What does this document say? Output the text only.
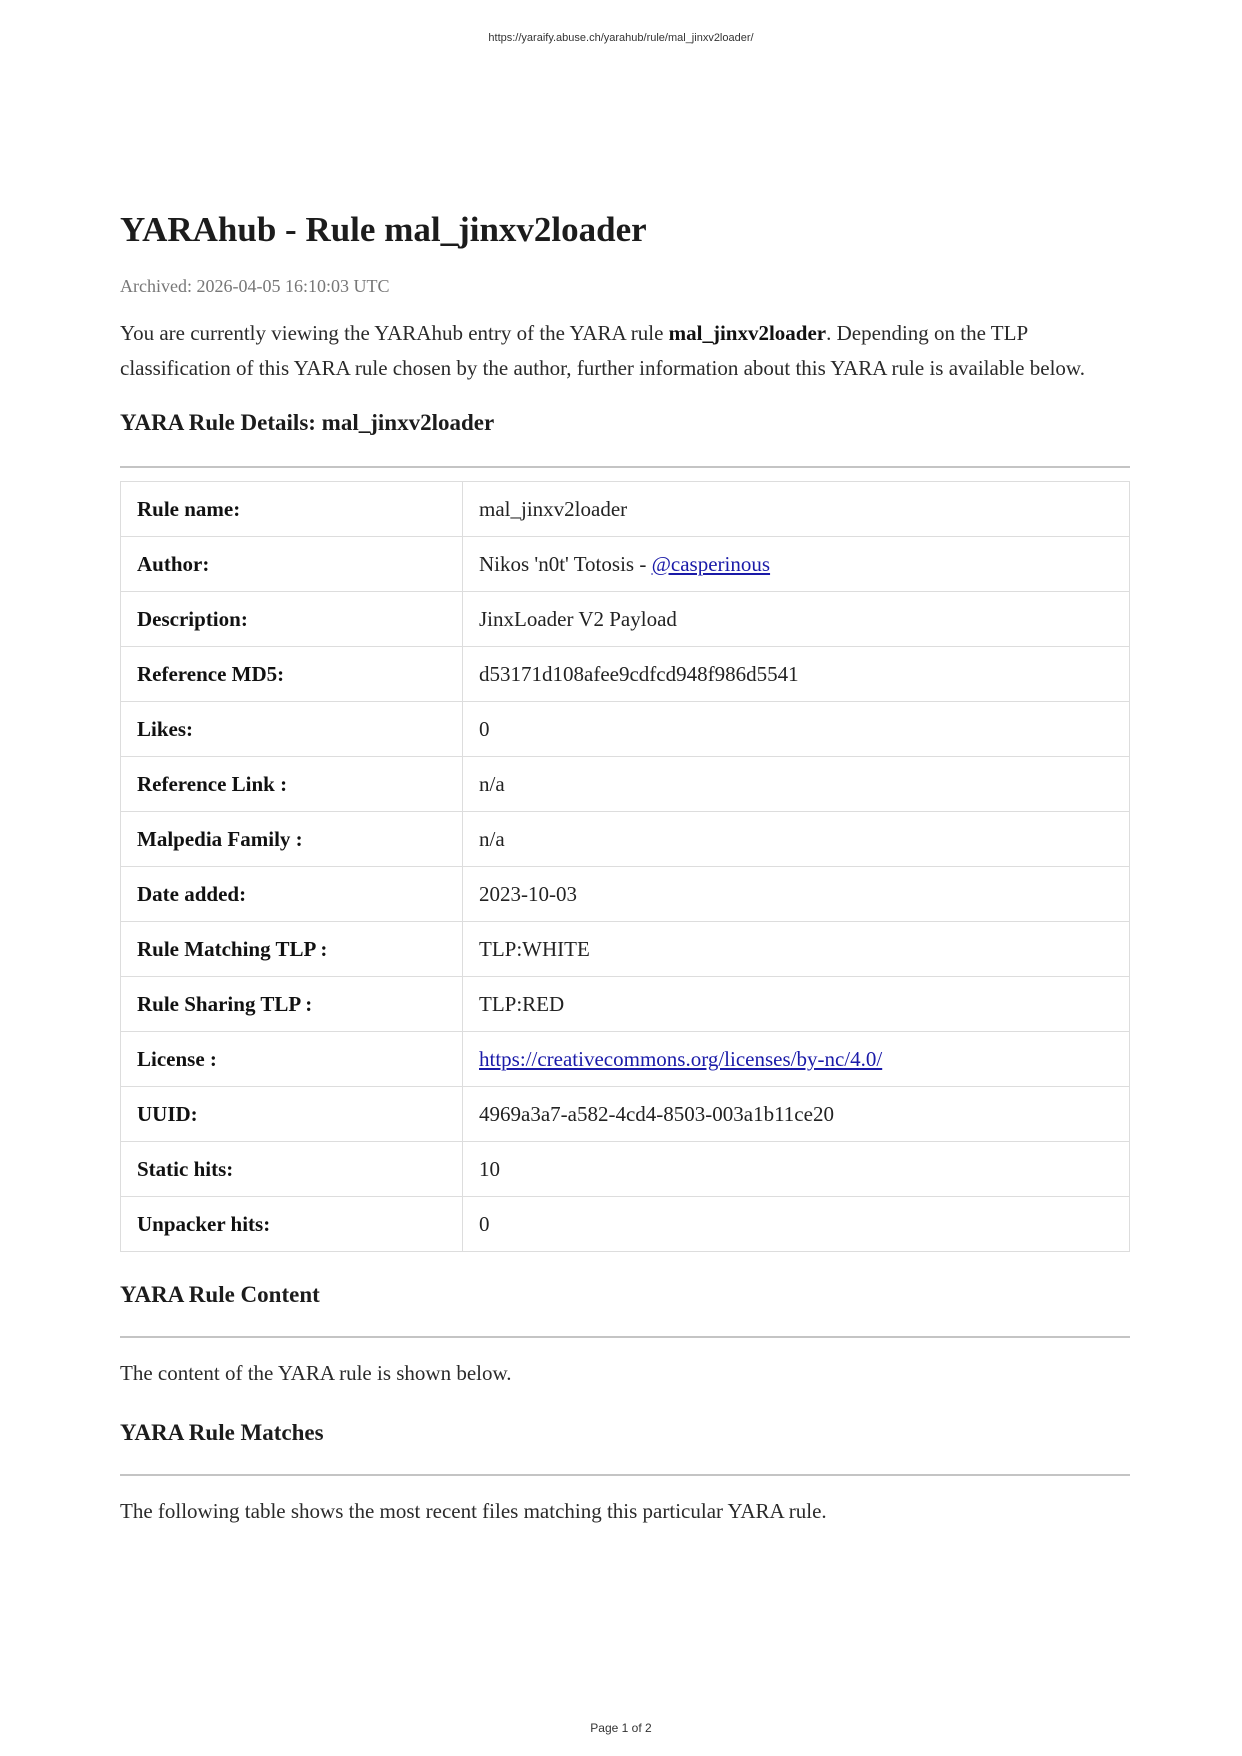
https://yaraify.abuse.ch/yarahub/rule/mal_jinxv2loader/
YARAhub - Rule mal_jinxv2loader
Archived: 2026-04-05 16:10:03 UTC

You are currently viewing the YARAhub entry of the YARA rule mal_jinxv2loader. Depending on the TLP classification of this YARA rule chosen by the author, further information about this YARA rule is available below.

YARA Rule Details: mal_jinxv2loader
Rule name:	mal_jinxv2loader
Author:	Nikos 'n0t' Totosis - @casperinous
Description:	JinxLoader V2 Payload
Reference MD5:	d53171d108afee9cdfcd948f986d5541
Likes:	0
Reference Link :	n/a
Malpedia Family :	n/a
Date added:	2023-10-03
Rule Matching TLP :	TLP:WHITE
Rule Sharing TLP :	TLP:RED
License :	https://creativecommons.org/licenses/by-nc/4.0/
UUID:	4969a3a7-a582-4cd4-8503-003a1b11ce20
Static hits:	10
Unpacker hits:	0
YARA Rule Content

The content of the YARA rule is shown below.

YARA Rule Matches

The following table shows the most recent files matching this particular YARA rule.

Page 1 of 2
